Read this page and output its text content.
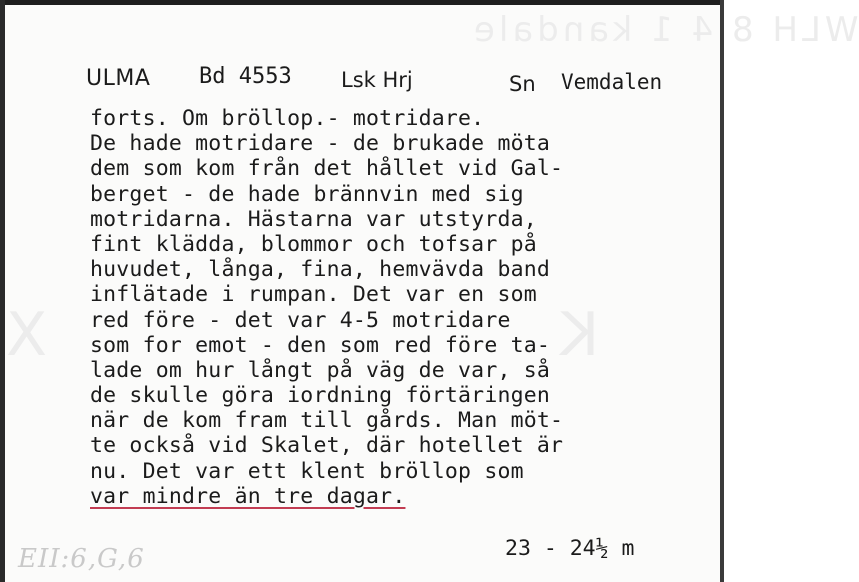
WLH 8 4 1 kandale
K
X
ULMA Bd 4553 Lsk Hrj	Sn Vemdalen
forts. Om bröllop.- motridare.
De hade motridare - de brukade möta
dem som kom från det hållet vid Gal-
berget - de hade brännvin med sig
motridarna. Hästarna var utstyrda,
fint klädda, blommor och tofsar på
huvudet, långa, fina, hemvävda band
inflätade i rumpan. Det var en som
red före - det var 4-5 motridare
som for emot - den som red före ta-
lade om hur långt på väg de var, så
de skulle göra iordning förtäringen
när de kom fram till gårds. Man möt-
te också vid Skalet, där hotellet är
nu. Det var ett klent bröllop som
var mindre än tre dagar.
23 - 24½ m
EII:6,G,6
